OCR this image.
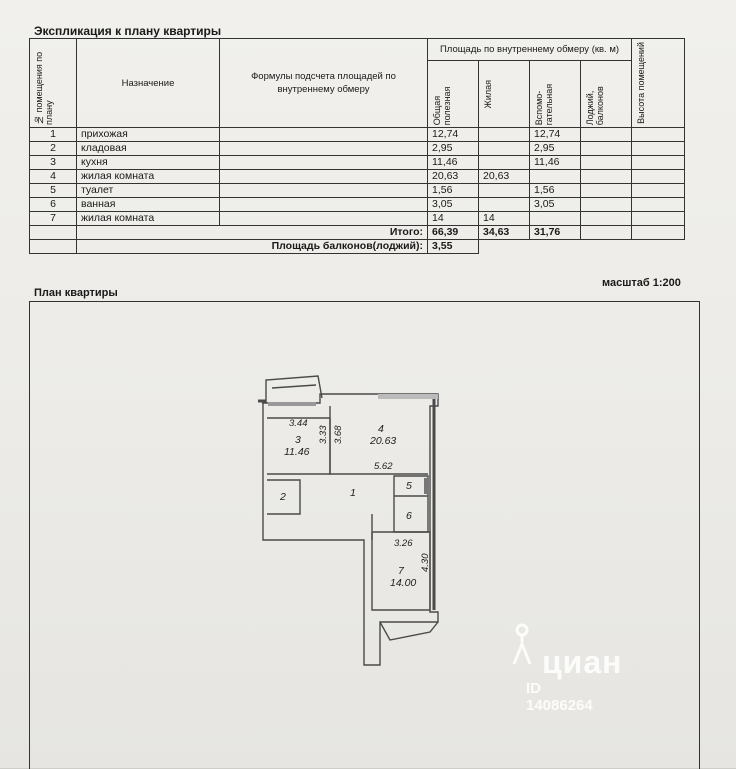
Экспликация к плану квартиры
№ помещения по плану	Назначение	Формулы подсчета площадей по внутреннему обмеру	Площадь по внутреннему обмеру (кв. м)				Высота помещений

			Общая полезная	Жилая	Вспомо-гательная	Лоджий, балконов	

1	прихожая		12,74		12,74		
2	кладовая		2,95		2,95		
3	кухня		11,46		11,46		
4	жилая комната		20,63	20,63			
5	туалет		1,56		1,56		
6	ванная		3,05		3,05		
7	жилая комната		14	14			
	Итого:		66,39	34,63	31,76		
	Площадь балконов(лоджий):		3,55				
масштаб 1:200
План квартиры
3.44
3.33 3.68
5.62
3.26
4.30
3
11.46
4
20.63
1
2
5
6
7
14.00
циан
ID 14086264
